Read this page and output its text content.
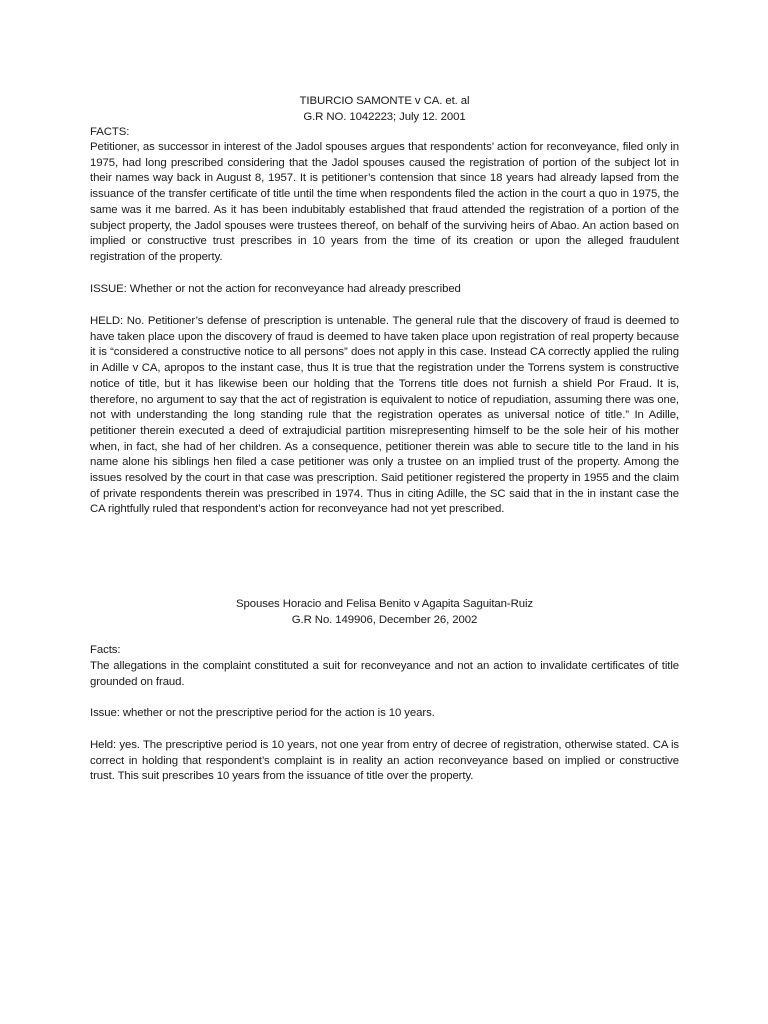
TIBURCIO SAMONTE v CA. et. al

G.R NO. 1042223; July 12. 2001

FACTS:

Petitioner, as successor in interest of the Jadol spouses argues that respondents’ action for reconveyance, filed only in 1975, had long prescribed considering that the Jadol spouses caused the registration of portion of the subject lot in their names way back in August 8, 1957. It is petitioner’s contension that since 18 years had already lapsed from the issuance of the transfer certificate of title until the time when respondents filed the action in the court a quo in 1975, the same was it me barred. As it has been indubitably established that fraud attended the registration of a portion of the subject property, the Jadol spouses were trustees thereof, on behalf of the surviving heirs of Abao. An action based on implied or constructive trust prescribes in 10 years from the time of its creation or upon the alleged fraudulent registration of the property.

ISSUE: Whether or not the action for reconveyance had already prescribed

HELD: No. Petitioner’s defense of prescription is untenable. The general rule that the discovery of fraud is deemed to have taken place upon the discovery of fraud is deemed to have taken place upon registration of real property because it is “considered a constructive notice to all persons” does not apply in this case. Instead CA correctly applied the ruling in Adille v CA, apropos to the instant case, thus It is true that the registration under the Torrens system is constructive notice of title, but it has likewise been our holding that the Torrens title does not furnish a shield Por Fraud. It is, therefore, no argument to say that the act of registration is equivalent to notice of repudiation, assuming there was one, not with understanding the long standing rule that the registration operates as universal notice of title.” In Adille, petitioner therein executed a deed of extrajudicial partition misrepresenting himself to be the sole heir of his mother when, in fact, she had of her children. As a consequence, petitioner therein was able to secure title to the land in his name alone his siblings hen filed a case petitioner was only a trustee on an implied trust of the property. Among the issues resolved by the court in that case was prescription. Said petitioner registered the property in 1955 and the claim of private respondents therein was prescribed in 1974. Thus in citing Adille, the SC said that in the in instant case the CA rightfully ruled that respondent’s action for reconveyance had not yet prescribed.

Spouses Horacio and Felisa Benito v Agapita Saguitan-Ruiz

G.R No. 149906, December 26, 2002

Facts:

The allegations in the complaint constituted a suit for reconveyance and not an action to invalidate certificates of title grounded on fraud.

Issue: whether or not the prescriptive period for the action is 10 years.

Held: yes. The prescriptive period is 10 years, not one year from entry of decree of registration, otherwise stated. CA is correct in holding that respondent’s complaint is in reality an action reconveyance based on implied or constructive trust. This suit prescribes 10 years from the issuance of title over the property.
